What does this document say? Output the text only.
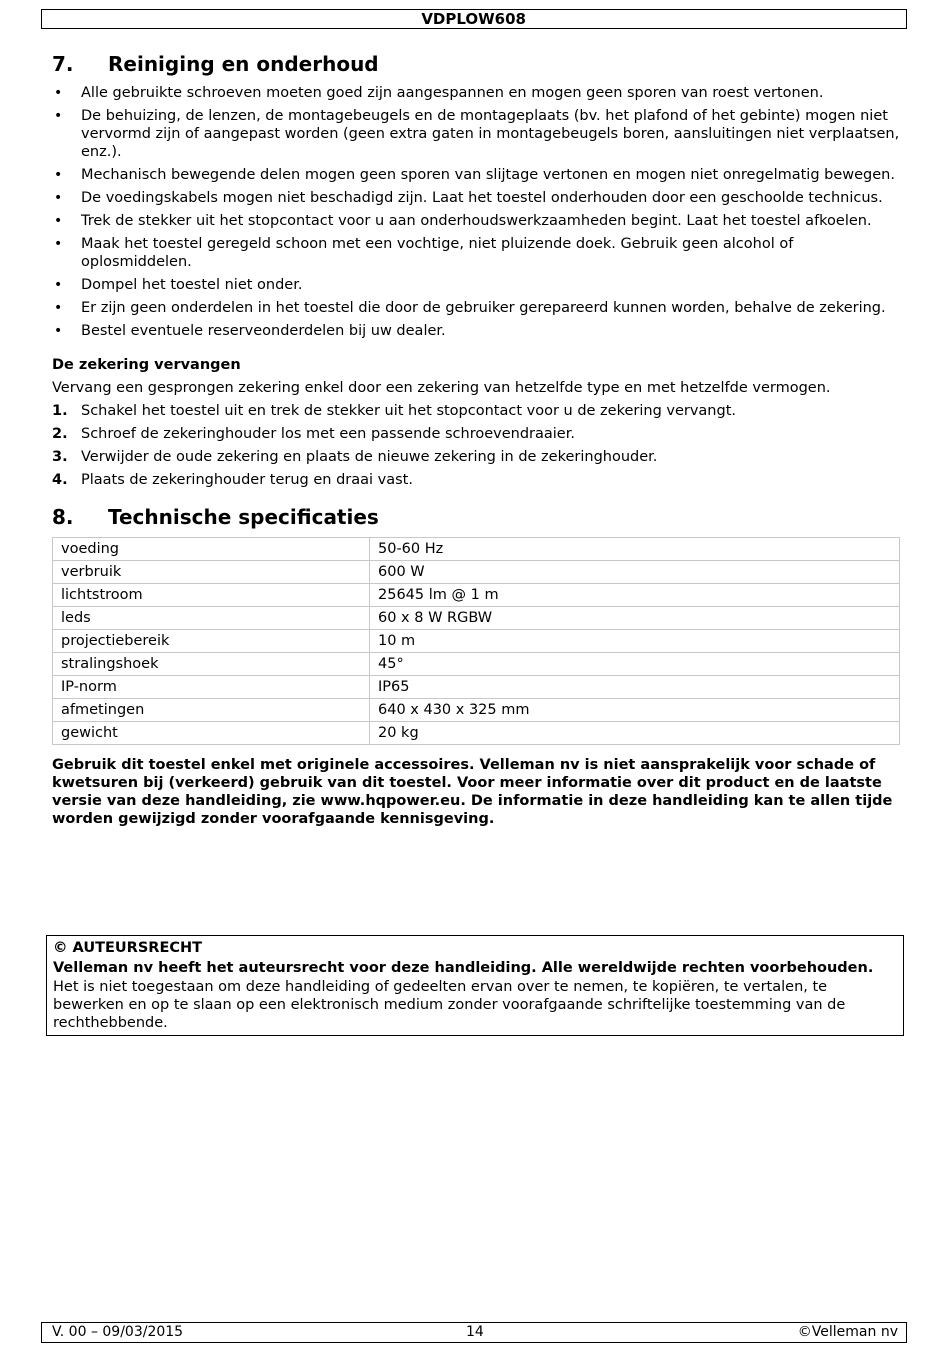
VDPLOW608
7.	Reiniging en onderhoud
• Alle gebruikte schroeven moeten goed zijn aangespannen en mogen geen sporen van roest vertonen.
• De behuizing, de lenzen, de montagebeugels en de montageplaats (bv. het plafond of het gebinte) mogen niet vervormd zijn of aangepast worden (geen extra gaten in montagebeugels boren, aansluitingen niet verplaatsen, enz.).
• Mechanisch bewegende delen mogen geen sporen van slijtage vertonen en mogen niet onregelmatig bewegen.
• De voedingskabels mogen niet beschadigd zijn. Laat het toestel onderhouden door een geschoolde technicus.
• Trek de stekker uit het stopcontact voor u aan onderhoudswerkzaamheden begint. Laat het toestel afkoelen.
• Maak het toestel geregeld schoon met een vochtige, niet pluizende doek. Gebruik geen alcohol of oplosmiddelen.
• Dompel het toestel niet onder.
• Er zijn geen onderdelen in het toestel die door de gebruiker gerepareerd kunnen worden, behalve de zekering.
• Bestel eventuele reserveonderdelen bij uw dealer.
De zekering vervangen
Vervang een gesprongen zekering enkel door een zekering van hetzelfde type en met hetzelfde vermogen.
1. Schakel het toestel uit en trek de stekker uit het stopcontact voor u de zekering vervangt.
2. Schroef de zekeringhouder los met een passende schroevendraaier.
3. Verwijder de oude zekering en plaats de nieuwe zekering in de zekeringhouder.
4. Plaats de zekeringhouder terug en draai vast.
8.	Technische specificaties
voeding	50-60 Hz
verbruik	600 W
lichtstroom	25645 lm @ 1 m
leds	60 x 8 W RGBW
projectiebereik	10 m
stralingshoek	45°
IP-norm	IP65
afmetingen	640 x 430 x 325 mm
gewicht	20 kg
Gebruik dit toestel enkel met originele accessoires. Velleman nv is niet aansprakelijk voor schade of kwetsuren bij (verkeerd) gebruik van dit toestel. Voor meer informatie over dit product en de laatste versie van deze handleiding, zie www.hqpower.eu. De informatie in deze handleiding kan te allen tijde worden gewijzigd zonder voorafgaande kennisgeving.
© AUTEURSRECHT
Velleman nv heeft het auteursrecht voor deze handleiding. Alle wereldwijde rechten voorbehouden.
Het is niet toegestaan om deze handleiding of gedeelten ervan over te nemen, te kopiëren, te vertalen, te bewerken en op te slaan op een elektronisch medium zonder voorafgaande schriftelijke toestemming van de rechthebbende.
V. 00 – 09/03/2015	14	©Velleman nv
